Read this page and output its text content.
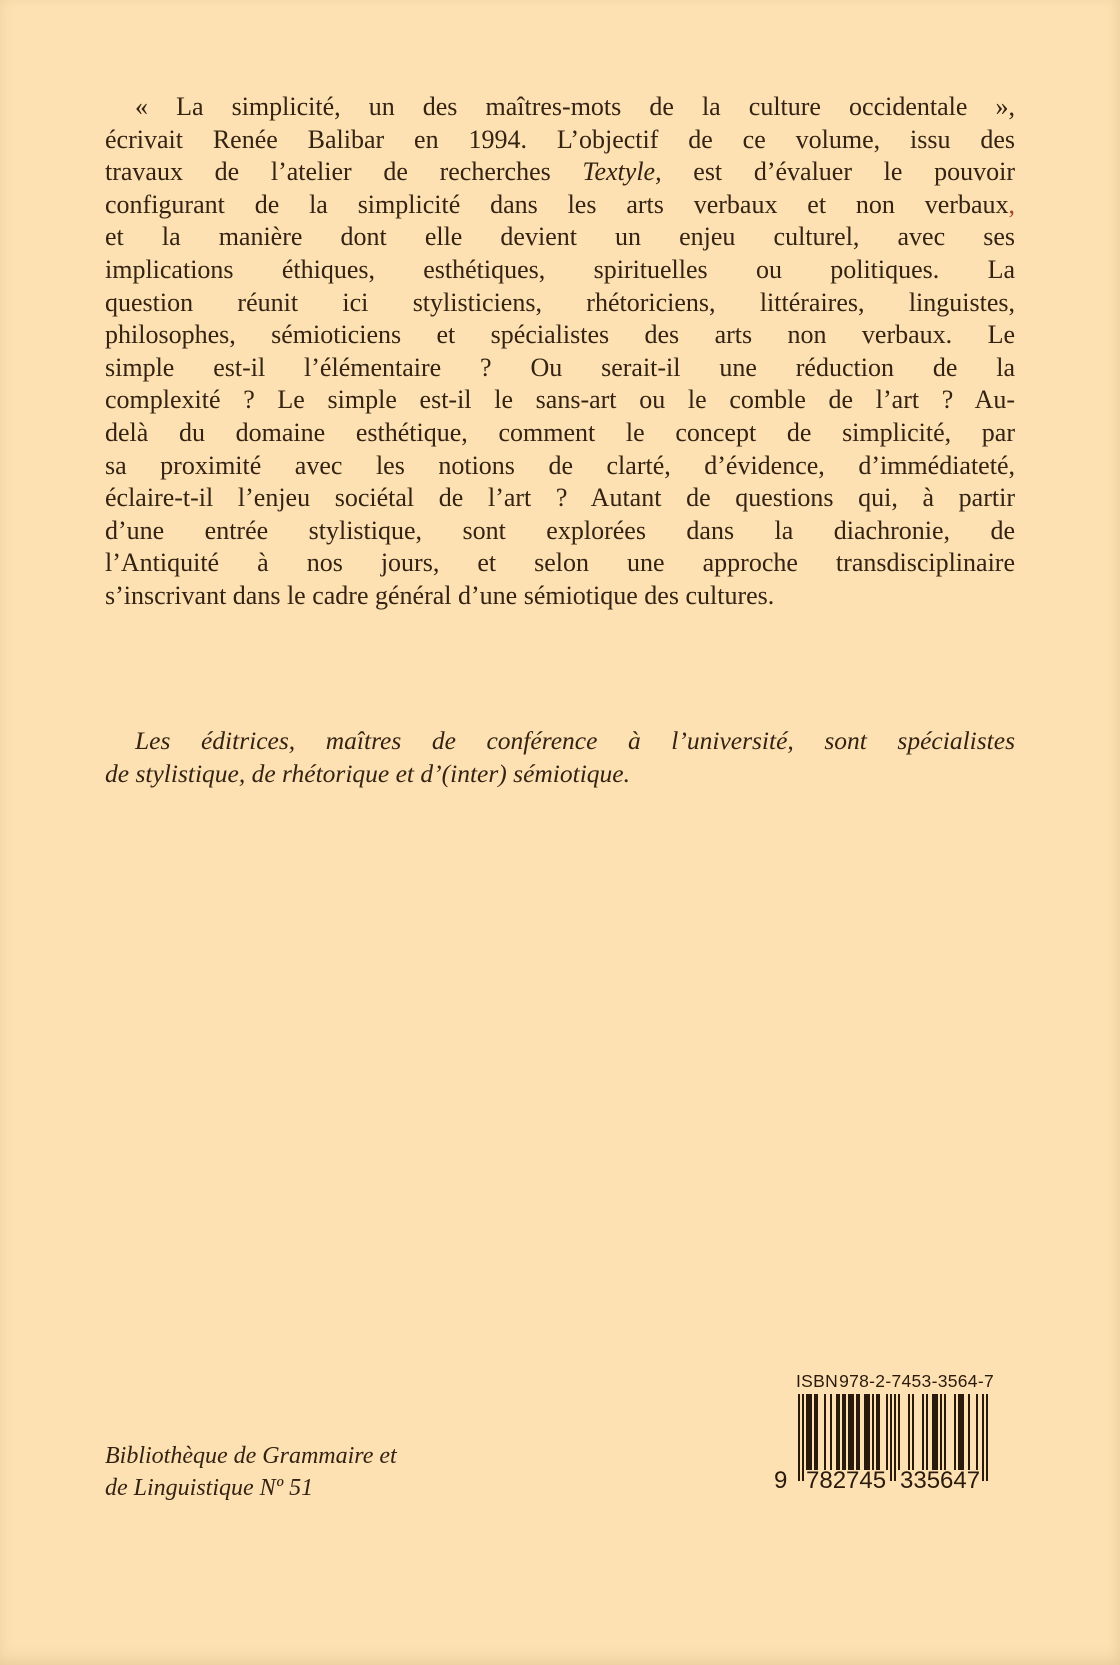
« La simplicité, un des maîtres-mots de la culture occidentale »,
écrivait Renée Balibar en 1994. L’objectif de ce volume, issu des
travaux de l’atelier de recherches Textyle, est d’évaluer le pouvoir
configurant de la simplicité dans les arts verbaux et non verbaux,
et la manière dont elle devient un enjeu culturel, avec ses
implications éthiques, esthétiques, spirituelles ou politiques. La
question réunit ici stylisticiens, rhétoriciens, littéraires, linguistes,
philosophes, sémioticiens et spécialistes des arts non verbaux. Le
simple est-il l’élémentaire ? Ou serait-il une réduction de la
complexité ? Le simple est-il le sans-art ou le comble de l’art ? Au-
delà du domaine esthétique, comment le concept de simplicité, par
sa proximité avec les notions de clarté, d’évidence, d’immédiateté,
éclaire-t-il l’enjeu sociétal de l’art ? Autant de questions qui, à partir
d’une entrée stylistique, sont explorées dans la diachronie, de
l’Antiquité à nos jours, et selon une approche transdisciplinaire
s’inscrivant dans le cadre général d’une sémiotique des cultures.
Les éditrices, maîtres de conférence à l’université, sont spécialistes
de stylistique, de rhétorique et d’(inter) sémiotique.
Bibliothèque de Grammaire et
de Linguistique Nº 51
ISBN 978-2-7453-3564-7
9 782745 335647
